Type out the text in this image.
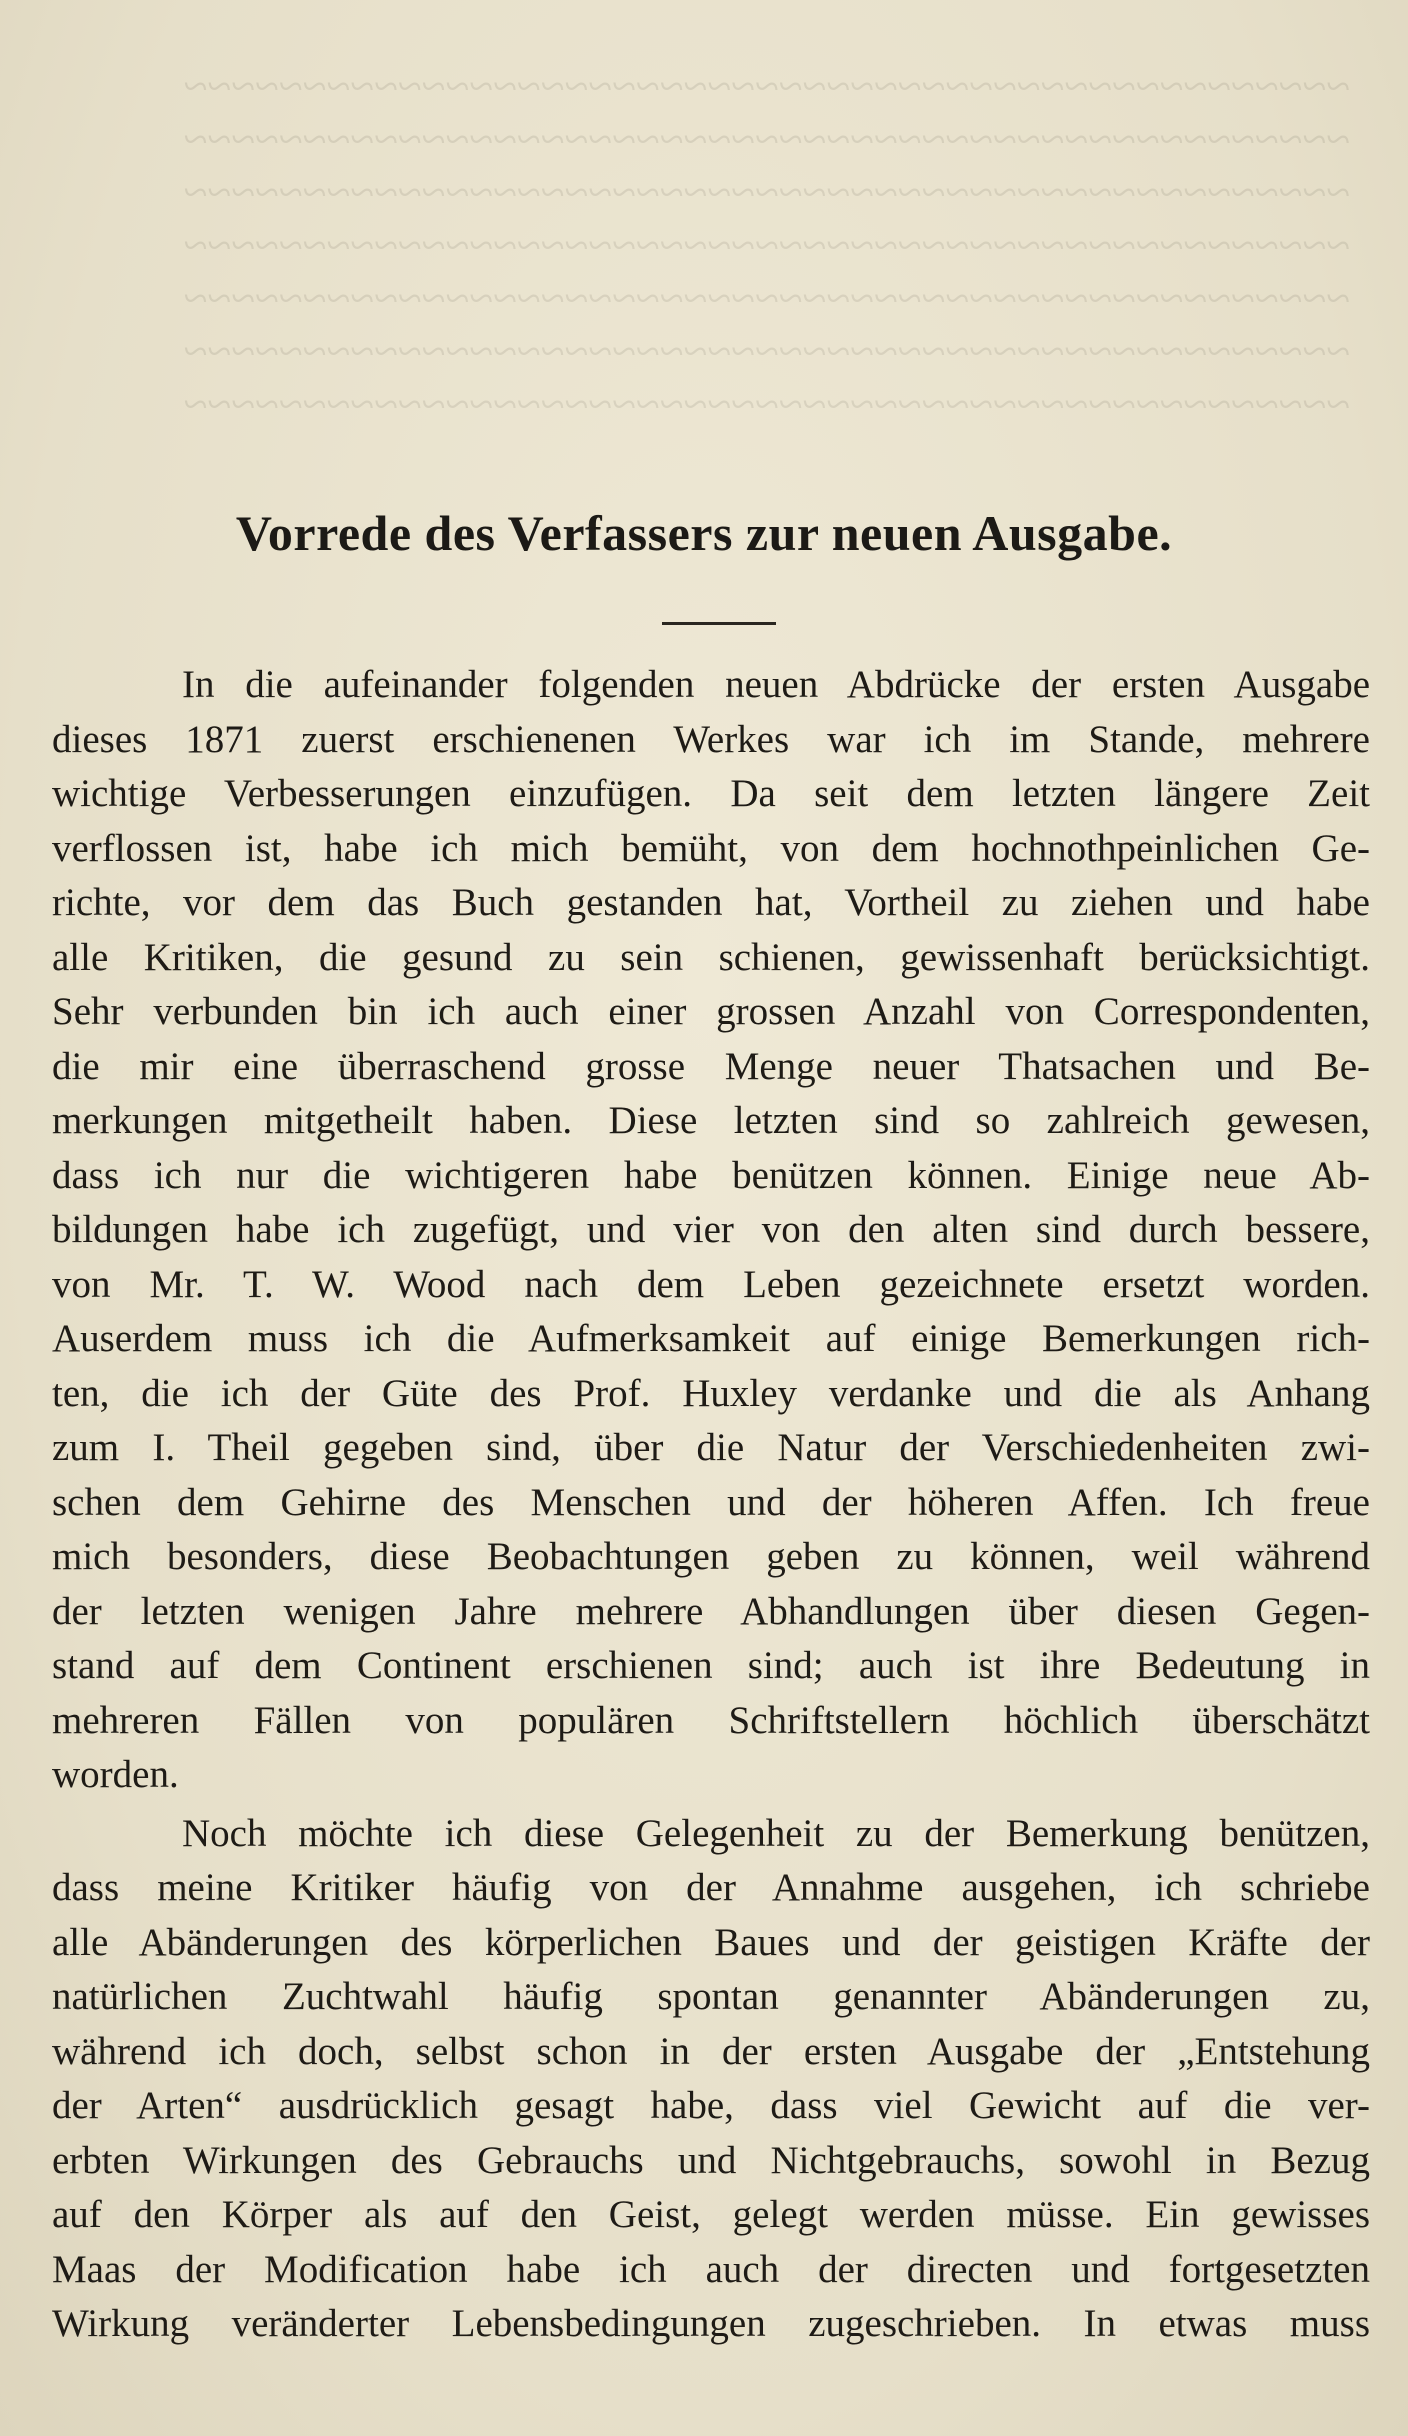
~~~~~~~~~~~~~~~~~~~~~~~~~~~~~~~~~~~~~~~~~~~~~~~~~
~~~~~~~~~~~~~~~~~~~~~~~~~~~~~~~~~~~~~~~~~~~~~~~~~
~~~~~~~~~~~~~~~~~~~~~~~~~~~~~~~~~~~~~~~~~~~~~~~~~
~~~~~~~~~~~~~~~~~~~~~~~~~~~~~~~~~~~~~~~~~~~~~~~~~
~~~~~~~~~~~~~~~~~~~~~~~~~~~~~~~~~~~~~~~~~~~~~~~~~
~~~~~~~~~~~~~~~~~~~~~~~~~~~~~~~~~~~~~~~~~~~~~~~~~
~~~~~~~~~~~~~~~~~~~~~~~~~~~~~~~~~~~~~~~~~~~~~~~~~
Vorrede des Verfassers zur neuen Ausgabe.
In die aufeinander folgenden neuen Abdrücke der ersten Ausgabe
dieses 1871 zuerst erschienenen Werkes war ich im Stande, mehrere
wichtige Verbesserungen einzufügen. Da seit dem letzten längere Zeit
verflossen ist, habe ich mich bemüht, von dem hochnothpeinlichen Ge-
richte, vor dem das Buch gestanden hat, Vortheil zu ziehen und habe
alle Kritiken, die gesund zu sein schienen, gewissenhaft berücksichtigt.
Sehr verbunden bin ich auch einer grossen Anzahl von Correspondenten,
die mir eine überraschend grosse Menge neuer Thatsachen und Be-
merkungen mitgetheilt haben. Diese letzten sind so zahlreich gewesen,
dass ich nur die wichtigeren habe benützen können. Einige neue Ab-
bildungen habe ich zugefügt, und vier von den alten sind durch bessere,
von Mr. T. W. Wood nach dem Leben gezeichnete ersetzt worden.
Auserdem muss ich die Aufmerksamkeit auf einige Bemerkungen rich-
ten, die ich der Güte des Prof. Huxley verdanke und die als Anhang
zum I. Theil gegeben sind, über die Natur der Verschiedenheiten zwi-
schen dem Gehirne des Menschen und der höheren Affen. Ich freue
mich besonders, diese Beobachtungen geben zu können, weil während
der letzten wenigen Jahre mehrere Abhandlungen über diesen Gegen-
stand auf dem Continent erschienen sind; auch ist ihre Bedeutung in
mehreren Fällen von populären Schriftstellern höchlich überschätzt
worden.
Noch möchte ich diese Gelegenheit zu der Bemerkung benützen,
dass meine Kritiker häufig von der Annahme ausgehen, ich schriebe
alle Abänderungen des körperlichen Baues und der geistigen Kräfte der
natürlichen Zuchtwahl häufig spontan genannter Abänderungen zu,
während ich doch, selbst schon in der ersten Ausgabe der „Entstehung
der Arten“ ausdrücklich gesagt habe, dass viel Gewicht auf die ver-
erbten Wirkungen des Gebrauchs und Nichtgebrauchs, sowohl in Bezug
auf den Körper als auf den Geist, gelegt werden müsse. Ein gewisses
Maas der Modification habe ich auch der directen und fortgesetzten
Wirkung veränderter Lebensbedingungen zugeschrieben. In etwas muss
